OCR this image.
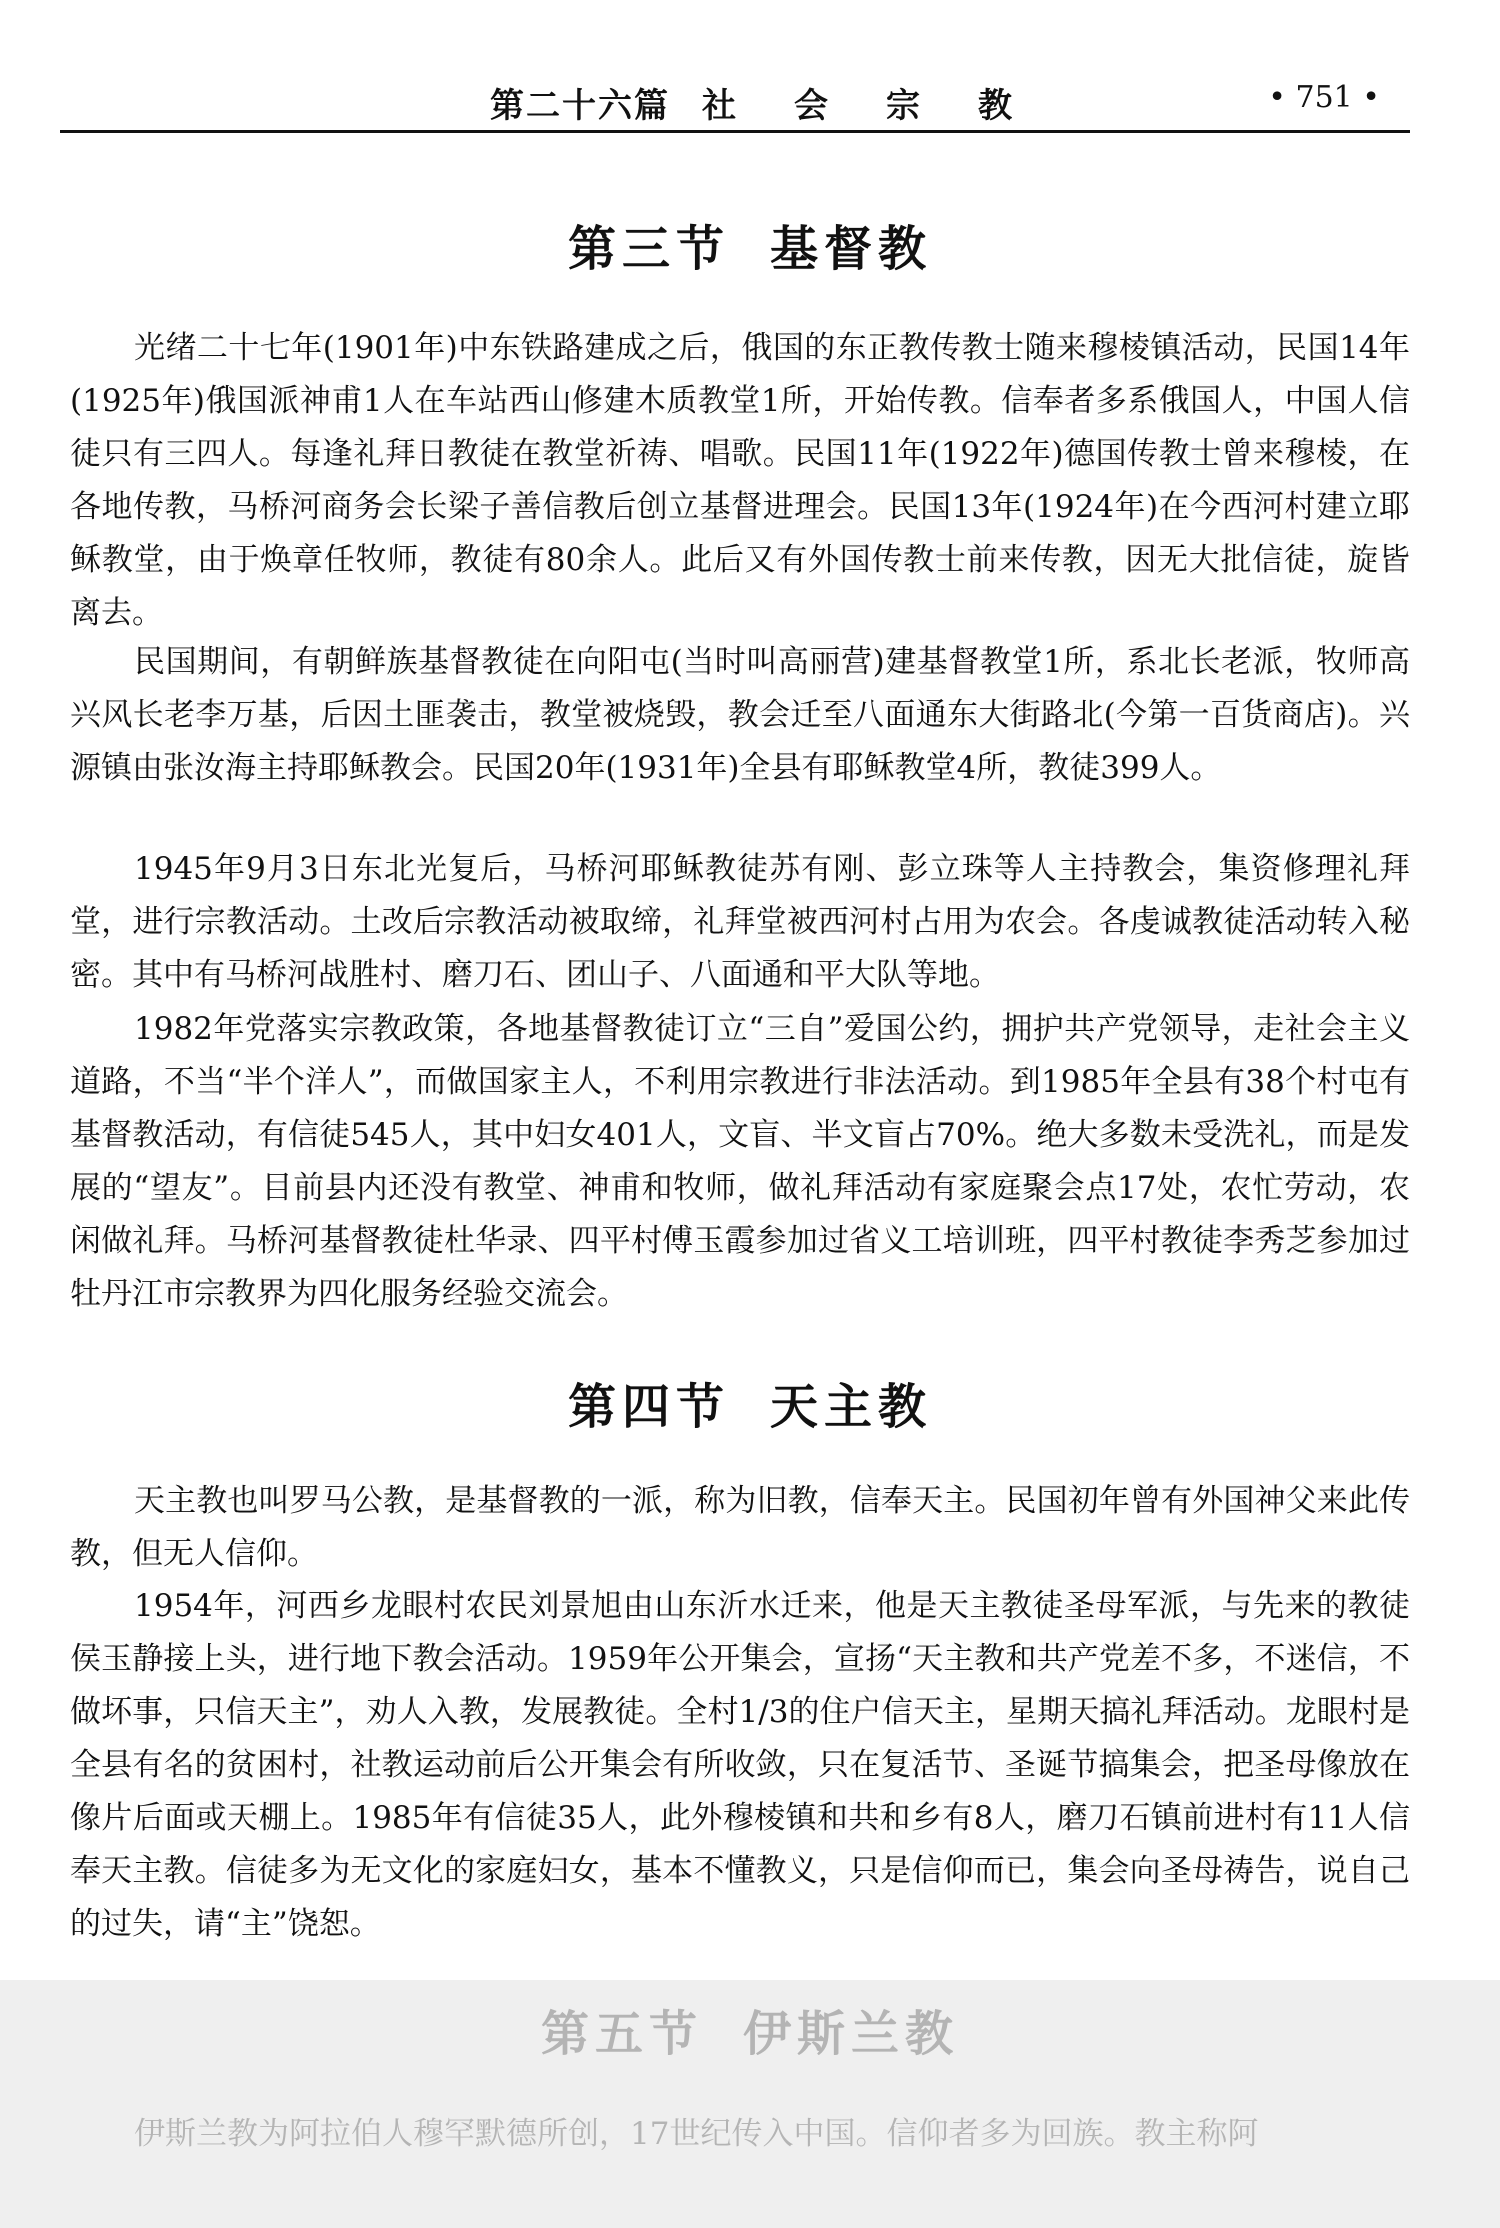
第二十六篇 社 会 宗 教	• 751 •
第三节 基督教

光绪二十七年(1901年)中东铁路建成之后，俄国的东正教传教士随来穆棱镇活动，民国14年(1925年)俄国派神甫1人在车站西山修建木质教堂1所，开始传教。信奉者多系俄国人，中国人信徒只有三四人。每逢礼拜日教徒在教堂祈祷、唱歌。民国11年(1922年)德国传教士曾来穆棱，在各地传教，马桥河商务会长梁子善信教后创立基督进理会。民国13年(1924年)在今西河村建立耶稣教堂，由于焕章任牧师，教徒有80余人。此后又有外国传教士前来传教，因无大批信徒，旋皆离去。

民国期间，有朝鲜族基督教徒在向阳屯(当时叫高丽营)建基督教堂1所，系北长老派，牧师高兴风长老李万基，后因土匪袭击，教堂被烧毁，教会迁至八面通东大街路北(今第一百货商店)。兴源镇由张汝海主持耶稣教会。民国20年(1931年)全县有耶稣教堂4所，教徒399人。

1945年9月3日东北光复后，马桥河耶稣教徒苏有刚、彭立珠等人主持教会，集资修理礼拜堂，进行宗教活动。土改后宗教活动被取缔，礼拜堂被西河村占用为农会。各虔诚教徒活动转入秘密。其中有马桥河战胜村、磨刀石、团山子、八面通和平大队等地。

1982年党落实宗教政策，各地基督教徒订立“三自”爱国公约，拥护共产党领导，走社会主义道路，不当“半个洋人”，而做国家主人，不利用宗教进行非法活动。到1985年全县有38个村屯有基督教活动，有信徒545人，其中妇女401人，文盲、半文盲占70%。绝大多数未受洗礼，而是发展的“望友”。目前县内还没有教堂、神甫和牧师，做礼拜活动有家庭聚会点17处，农忙劳动，农闲做礼拜。马桥河基督教徒杜华录、四平村傅玉霞参加过省义工培训班，四平村教徒李秀芝参加过牡丹江市宗教界为四化服务经验交流会。

第四节 天主教

天主教也叫罗马公教，是基督教的一派，称为旧教，信奉天主。民国初年曾有外国神父来此传教，但无人信仰。

1954年，河西乡龙眼村农民刘景旭由山东沂水迁来，他是天主教徒圣母军派，与先来的教徒侯玉静接上头，进行地下教会活动。1959年公开集会，宣扬“天主教和共产党差不多，不迷信，不做坏事，只信天主”，劝人入教，发展教徒。全村1/3的住户信天主，星期天搞礼拜活动。龙眼村是全县有名的贫困村，社教运动前后公开集会有所收敛，只在复活节、圣诞节搞集会，把圣母像放在像片后面或天棚上。1985年有信徒35人，此外穆棱镇和共和乡有8人，磨刀石镇前进村有11人信奉天主教。信徒多为无文化的家庭妇女，基本不懂教义，只是信仰而已，集会向圣母祷告，说自己的过失，请“主”饶恕。

第五节 伊斯兰教

伊斯兰教为阿拉伯人穆罕默德所创，17世纪传入中国。信仰者多为回族。教主称阿
